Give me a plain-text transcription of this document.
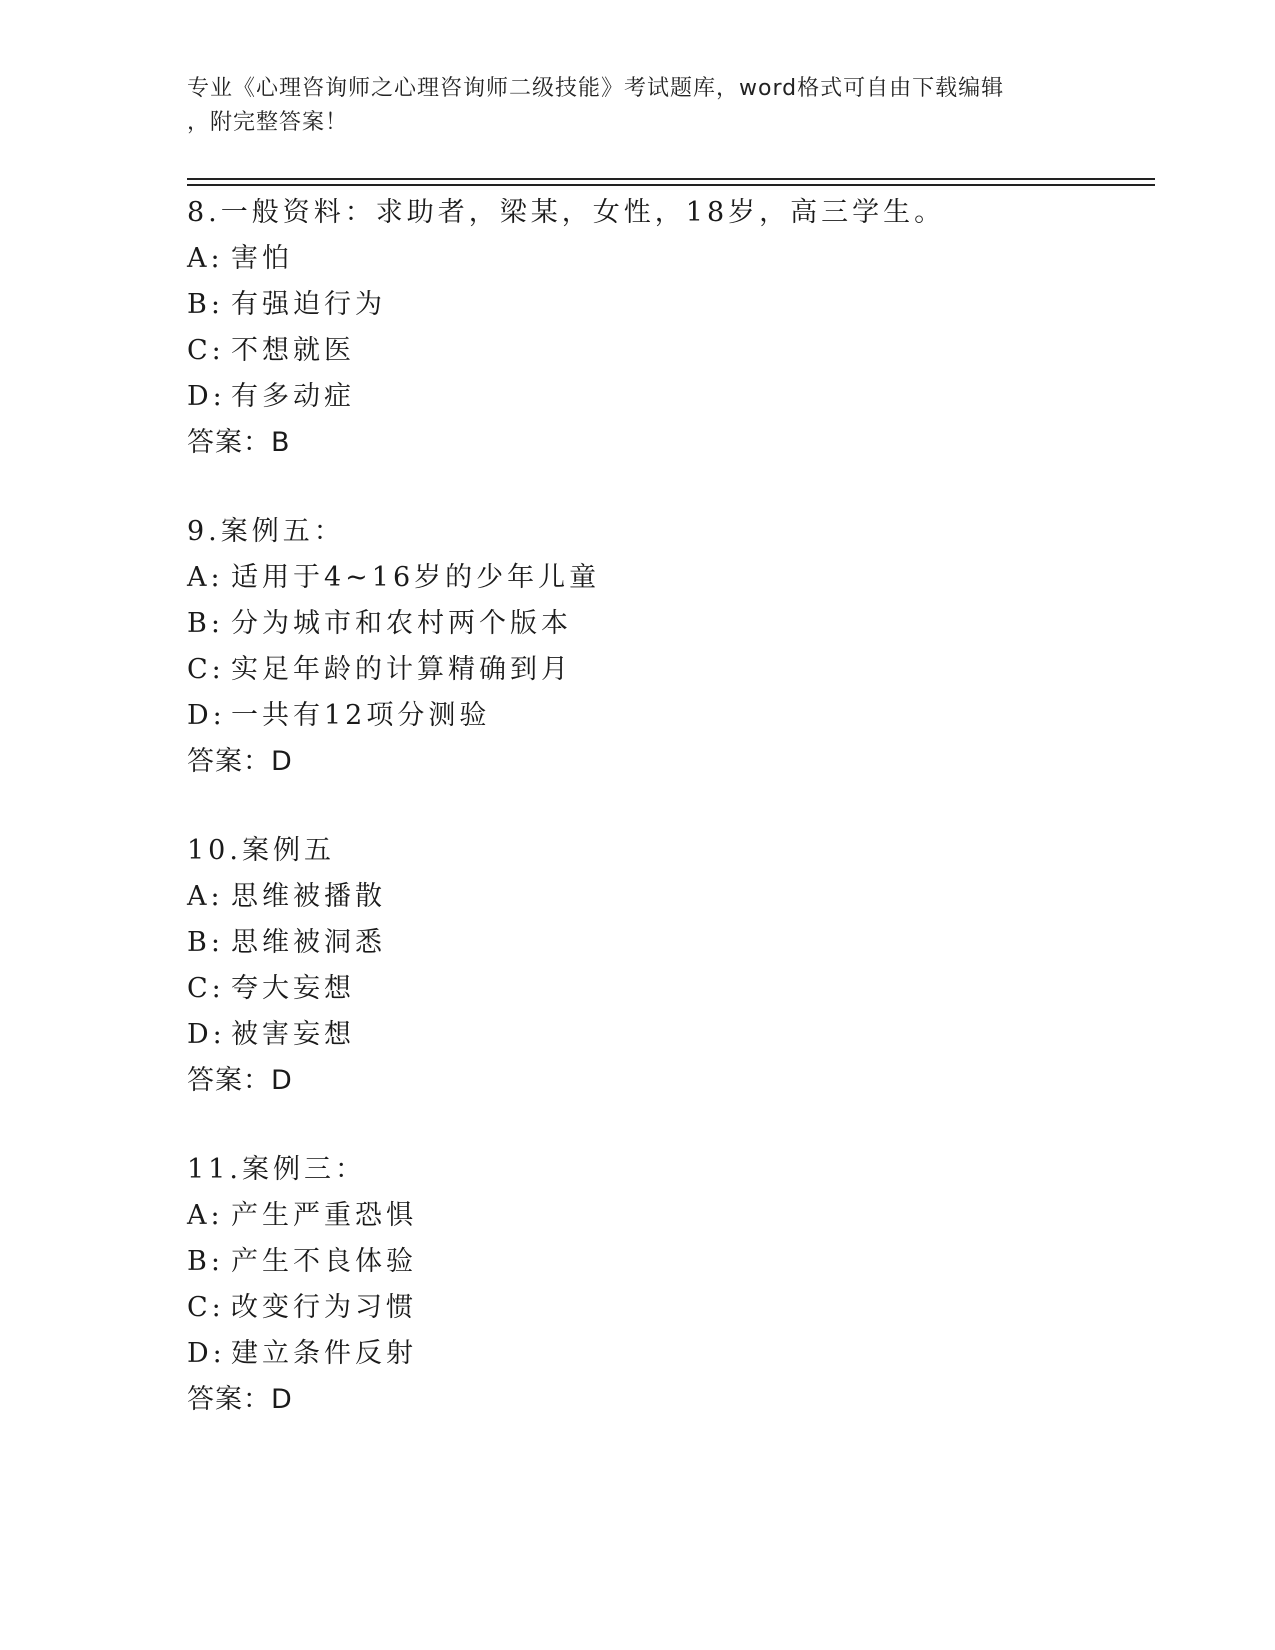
专业《心理咨询师之心理咨询师二级技能》考试题库，word格式可自由下载编辑
，附完整答案！
8.一般资料：求助者，梁某，女性，18岁，高三学生。
A: 害怕
B: 有强迫行为
C: 不想就医
D: 有多动症
答案：B
9.案例五：
A: 适用于4~16岁的少年儿童
B: 分为城市和农村两个版本
C: 实足年龄的计算精确到月
D: 一共有12项分测验
答案：D
10.案例五
A: 思维被播散
B: 思维被洞悉
C: 夸大妄想
D: 被害妄想
答案：D
11.案例三：
A: 产生严重恐惧
B: 产生不良体验
C: 改变行为习惯
D: 建立条件反射
答案：D
